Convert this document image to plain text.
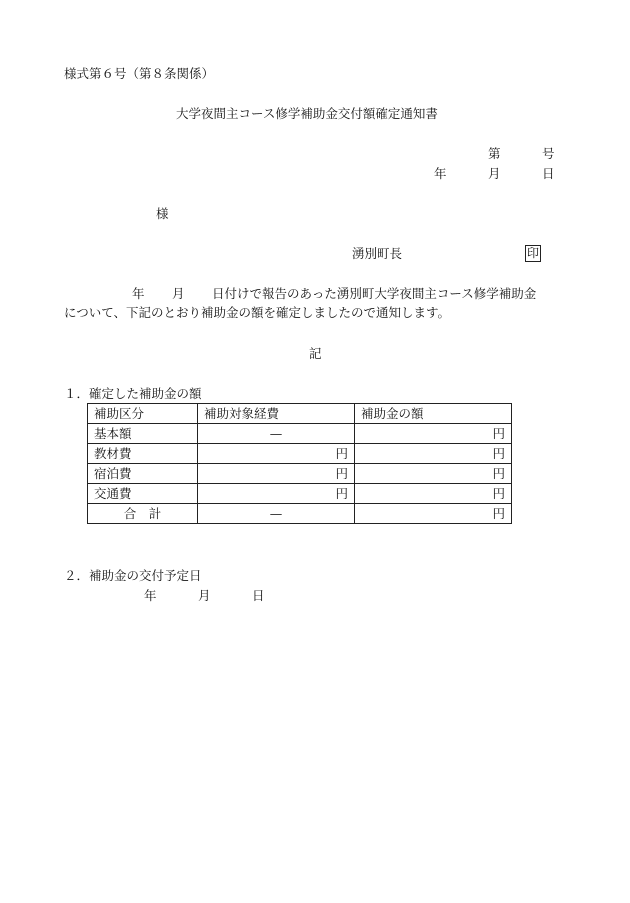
様式第６号（第８条関係）
大学夜間主コース修学補助金交付額確定通知書
第	号
年	月	日
様
湧別町長	印
年 月 日付けで報告のあった湧別町大学夜間主コース修学補助金
について、下記のとおり補助金の額を確定しましたので通知します。
記
１．確定した補助金の額
補助区分	補助対象経費	補助金の額
基本額	—	円
教材費	円	円
宿泊費	円	円
交通費	円	円
合　計	—	円
２．補助金の交付予定日
年	月	日
